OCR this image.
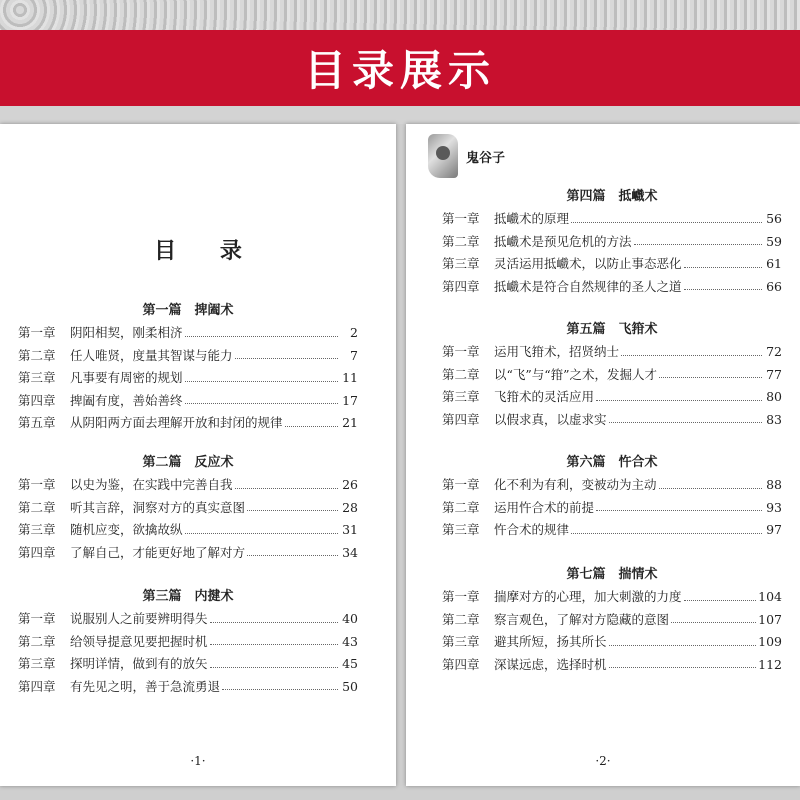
目录展示
目 录
第一篇　捭阖术
第一章	阴阳相契，刚柔相济	2
第二章	任人唯贤，度量其智谋与能力	7
第三章	凡事要有周密的规划	11
第四章	捭阖有度，善始善终	17
第五章	从阴阳两方面去理解开放和封闭的规律	21
第二篇　反应术
第一章	以史为鉴，在实践中完善自我	26
第二章	听其言辞，洞察对方的真实意图	28
第三章	随机应变，欲擒故纵	31
第四章	了解自己，才能更好地了解对方	34
第三篇　内揵术
第一章	说服别人之前要辨明得失	40
第二章	给领导提意见要把握时机	43
第三章	探明详情，做到有的放矢	45
第四章	有先见之明，善于急流勇退	50
·1·
鬼谷子
第四篇　抵巇术
第一章	抵巇术的原理	56
第二章	抵巇术是预见危机的方法	59
第三章	灵活运用抵巇术，以防止事态恶化	61
第四章	抵巇术是符合自然规律的圣人之道	66
第五篇　飞箝术
第一章	运用飞箝术，招贤纳士	72
第二章	以“飞”与“箝”之术，发掘人才	77
第三章	飞箝术的灵活应用	80
第四章	以假求真，以虚求实	83
第六篇　忤合术
第一章	化不利为有利，变被动为主动	88
第二章	运用忤合术的前提	93
第三章	忤合术的规律	97
第七篇　揣情术
第一章	揣摩对方的心理，加大刺激的力度	104
第二章	察言观色，了解对方隐藏的意图	107
第三章	避其所短，扬其所长	109
第四章	深谋远虑，选择时机	112
·2·
